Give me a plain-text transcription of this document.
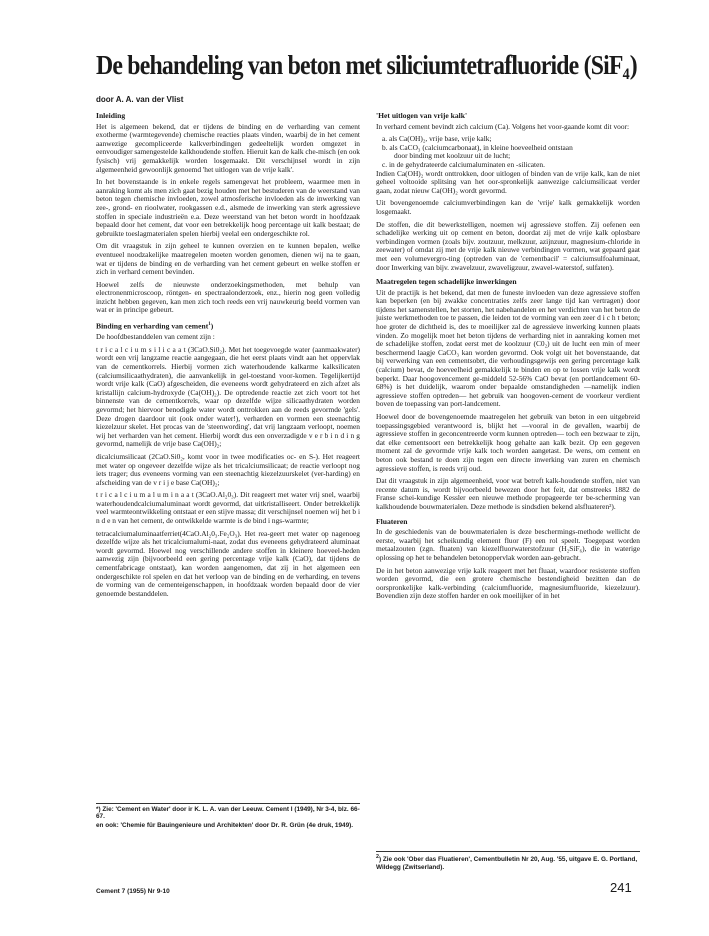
De behandeling van beton met siliciumtetrafluoride (SiF$_4$)

door A. A. van der Vlist

Inleiding

Het is algemeen bekend, dat er tijdens de binding en de verharding van cement exotherme (warmtegevende) chemische reacties plaats vinden, waarbij de in het cement aanwezige gecompliceerde kalkverbindingen gedeeltelijk worden omgezet in eenvoudiger samengestelde kalkhoudende stoffen. Hieruit kan de kalk che-misch (en ook fysisch) vrij gemakkelijk worden losgemaakt. Dit verschijnsel wordt in zijn algemeenheid gewoonlijk genoemd 'het uitlogen van de vrije kalk'.

In het bovenstaande is in enkele regels samengevat het probleem, waarmee men in aanraking komt als men zich gaat bezig houden met het bestuderen van de weerstand van beton tegen chemische invloeden, zowel atmosferische invloeden als de inwerking van zee-, grond- en rioolwater, rookgassen e.d., alsmede de inwerking van sterk agressieve stoffen in speciale industrieën e.a. Deze weerstand van het beton wordt in hoofdzaak bepaald door het cement, dat voor een betrekkelijk hoog percentage uit kalk bestaat; de gebruikte toeslagmaterialen spelen hierbij veelal een ondergeschikte rol.

Om dit vraagstuk in zijn geheel te kunnen overzien en te kunnen bepalen, welke eventueel noodzakelijke maatregelen moeten worden genomen, dienen wij na te gaan, wat er tijdens de binding en de verharding van het cement gebeurt en welke stoffen er zich in verhard cement bevinden.

Hoewel zelfs de nieuwste onderzoekingsmethoden, met behulp van electronenmicroscoop, röntgen- en spectraalonderzoek, enz., hierin nog geen volledig inzicht hebben gegeven, kan men zich toch reeds een vrij nauwkeurig beeld vormen van wat er in principe gebeurt.

Binding en verharding van cement$^1$)

De hoofdbestanddelen van cement zijn :

t r i c a l c i u m s i l i c a a t (3CaO.Si0₂). Met het toegevoegde water (aanmaakwater) wordt een vrij langzame reactie aangegaan, die het eerst plaats vindt aan het oppervlak van de cementkorrels. Hierbij vormen zich waterhoudende kalkarme kalksilicaten (calciumsilicaathydraten), die aanvankelijk in gel-toestand voor-komen. Tegelijkertijd wordt vrije kalk (CaO) afgescheiden, die eveneens wordt gehydrateerd en zich afzet als kristallijn calcium-hydroxyde (Ca(OH)₂). De optredende reactie zet zich voort tot het binnenste van de cementkorrels, waar op dezelfde wijze silicaathydraten worden gevormd; het hiervoor benodigde water wordt onttrokken aan de reeds gevormde 'gels'. Deze drogen daardoor uit (ook onder water!), verharden en vormen een steenachtig kiezelzuur skelet. Het procas van de 'steenwording', dat vrij langzaam verloopt, noemen wij het verharden van het cement. Hierbij wordt dus een onverzadigde v e r b i n d i n g gevormd, namelijk de vrije base Ca(OH)₂;

dicalciumsilicaat (2CaO.Si0₂, komt voor in twee modificaties oc- en S-). Het reageert met water op ongeveer dezelfde wijze als het tricalciumsilicaat; de reactie verloopt nog iets trager; dus eveneens vorming van een steenachtig kiezelzuurskelet (ver-harding) en afscheiding van de v r i j e base Ca(OH)₂;

t r i c a l c i u m a l u m i n a a t (3CaO.Al₂0₃). Dit reageert met water vrij snel, waarbij waterhoudendcalciumaluminaat wordt gevormd, dat uitkristalliseert. Onder betrekkelijk veel warmteontwikkeling ontstaat er een stijve massa; dit verschijnsel noemen wij het b i n d e n van het cement, de ontwikkelde warmte is de bind i ngs-warmte;

tetracalciumaluminaatferriet(4CaO.Al₂0₃.Fe₂O₃). Het rea-geert met water op nagenoeg dezelfde wijze als het tricalciumalumi-naat, zodat dus eveneens gehydrateerd aluminaat wordt gevormd. Hoewel nog verschillende andere stoffen in kleinere hoeveel-heden aanwezig zijn (bijvoorbeeld een gering percentage vrije kalk (CaO), dat tijdens de cementfabricage ontstaat), kan worden aangenomen, dat zij in het algemeen een ondergeschikte rol spelen en dat het verloop van de binding en de verharding, en tevens de vorming van de cementeigenschappen, in hoofdzaak worden bepaald door de vier genoemde bestanddelen.

*) Zie: 'Cement en Water' door ir K. L. A. van der Leeuw. Cement I (1949), Nr 3-4, blz. 66-67.

en ook: 'Chemie für Bauingenieure und Architekten' door Dr. R. Grün (4e druk, 1949).

'Het uitlogen van vrije kalk'

In verhard cement bevindt zich calcium (Ca). Volgens het voor-gaande komt dit voor:

a. als Ca(OH)₂, vrije base, vrije kalk;
b. als CaCO₃ (calciumcarbonaat), in kleine hoeveelheid ontstaan
door binding met koolzuur uit de lucht;
c. in de gehydrateerde calciumaluminaten en -silicaten.

Indien Ca(OH)₂ wordt onttrokken, door uitlogen of binden van de vrije kalk, kan de niet geheel voltooide splitsing van het oor-spronkelijk aanwezige calciumsilicaat verder gaan, zodat nieuw Ca(OH)₂ wordt gevormd.

Uit bovengenoemde calciumverbindingen kan de 'vrije' kalk gemakkelijk worden losgemaakt.

De stoffen, die dit bewerkstelligen, noemen wij agressieve stoffen. Zij oefenen een schadelijke werking uit op cement en beton, doordat zij met de vrije kalk oplosbare verbindingen vormen (zoals bijv. zoutzuur, melkzuur, azijnzuur, magnesium-chloride in zeewater) of omdat zij met de vrije kalk nieuwe verbindingen vormen, wat gepaard gaat met een volumevergro-ting (optreden van de 'cementbacil' = calciumsulfoaluminaat, door Inwerking van bijv. zwavelzuur, zwaveligzuur, zwavel-waterstof, sulfaten).

Maatregelen tegen schadelijke inwerkingen

Uit de practijk is het bekend, dat men de funeste invloeden van deze agressieve stoffen kan beperken (en bij zwakke concentraties zelfs zeer lange tijd kan vertragen) door tijdens het samenstellen, het storten, het nabehandelen en het verdichten van het beton de juiste werkmethoden toe te passen, die leiden tot de vorming van een zeer d i c h t beton; hoe groter de dichtheid is, des te moeilijker zal de agressieve inwerking kunnen plaats vinden. Zo mogelijk moet het beton tijdens de verharding niet in aanraking komen met de schadelijke stoffen, zodat eerst met de koolzuur (C0₂) uit de lucht een min of meer beschermend laagje CaCO₃ kan worden gevormd. Ook volgt uit het bovenstaande, dat bij verwerking van een cementsobrt, die verhoudingsgewijs een gering percentage kalk (calcium) bevat, de hoeveelheid gemakkelijk te binden en op te lossen vrije kalk wordt beperkt. Daar hoogovencement ge-middeld 52-56% CaO bevat (en portlandcement 60-68%) is het duidelijk, waarom onder bepaalde omstandigheden —namelijk indien agressieve stoffen optreden— het gebruik van hoogoven-cement de voorkeur verdient boven de toepassing van port-landcement.

Hoewel door de bovengenoemde maatregelen het gebruik van beton in een uitgebreid toepassingsgebied verantwoord is, blijkt het —vooral in de gevallen, waarbij de agressieve stoffen in geconcentreerde vorm kunnen optreden— toch een bezwaar te zijn, dat elke cementsoort een betrekkelijk hoog gehalte aan kalk bezit. Op een gegeven moment zal de gevormde vrije kalk toch worden aangetast. De wens, om cement en beton ook bestand te doen zijn tegen een directe inwerking van zuren en chemisch agressieve stoffen, is reeds vrij oud.

Dat dit vraagstuk in zijn algemeenheid, voor wat betreft kalk-houdende stoffen, niet van recente datum is, wordt bijvoorbeeld bewezen door het feit, dat omstreeks 1882 de Franse schei-kundige Kessler een nieuwe methode propageerde ter be-scherming van kalkhoudende bouwmaterialen. Deze methode is sindsdien bekend alsfluateren²).

Fluateren

In de geschiedenis van de bouwmaterialen is deze beschermings-methode wellicht de eerste, waarbij het scheikundig element fluor (F) een rol speelt. Toegepast worden metaalzouten (zgn. fluaten) van kiezelfluorwaterstofzuur (H₂SiF₆), die in waterige oplossing op het te behandelen betonoppervlak worden aan-gebracht.

De in het beton aanwezige vrije kalk reageert met het fluaat, waardoor resistente stoffen worden gevormd, die een grotere chemische bestendigheid bezitten dan de oorspronkelijke kalk-verbinding (calciumfluoride, magnesiumfluoride, kiezelzuur). Bovendien zijn deze stoffen harder en ook moeilijker of in het

$^2$) Zie ook 'Ober das Fluatieren', Cementbulletin Nr 20, Aug. '55, uitgave E. G. Portland, Wildegg (Zwitserland).

Cement 7 (1955) Nr 9-10	241
